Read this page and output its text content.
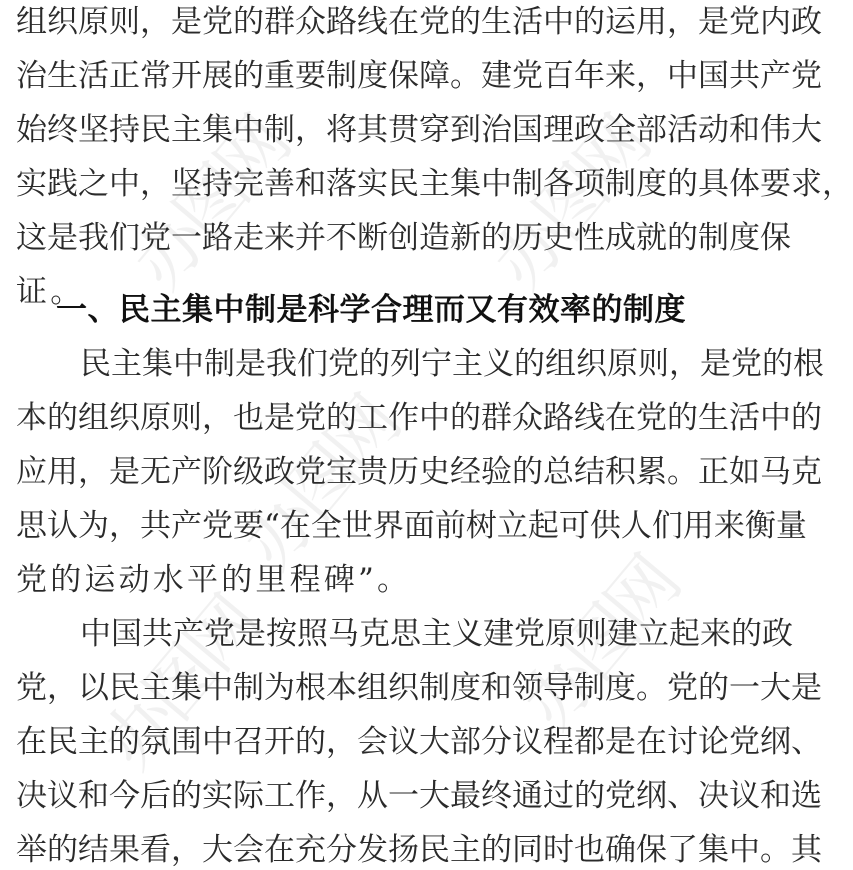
办图网 办图网
办图网
办图网	办图网
组织原则，是党的群众路线在党的生活中的运用，是党内政
治生活正常开展的重要制度保障。建党百年来，中国共产党
始终坚持民主集中制，将其贯穿到治国理政全部活动和伟大
实践之中，坚持完善和落实民主集中制各项制度的具体要求，
这是我们党一路走来并不断创造新的历史性成就的制度保
证。
一、民主集中制是科学合理而又有效率的制度
民主集中制是我们党的列宁主义的组织原则，是党的根
本的组织原则，也是党的工作中的群众路线在党的生活中的
应用，是无产阶级政党宝贵历史经验的总结积累。正如马克
思认为，共产党要“在全世界面前树立起可供人们用来衡量
党的运动水平的里程碑”。
中国共产党是按照马克思主义建党原则建立起来的政
党，以民主集中制为根本组织制度和领导制度。党的一大是
在民主的氛围中召开的，会议大部分议程都是在讨论党纲、
决议和今后的实际工作，从一大最终通过的党纲、决议和选
举的结果看，大会在充分发扬民主的同时也确保了集中。其
